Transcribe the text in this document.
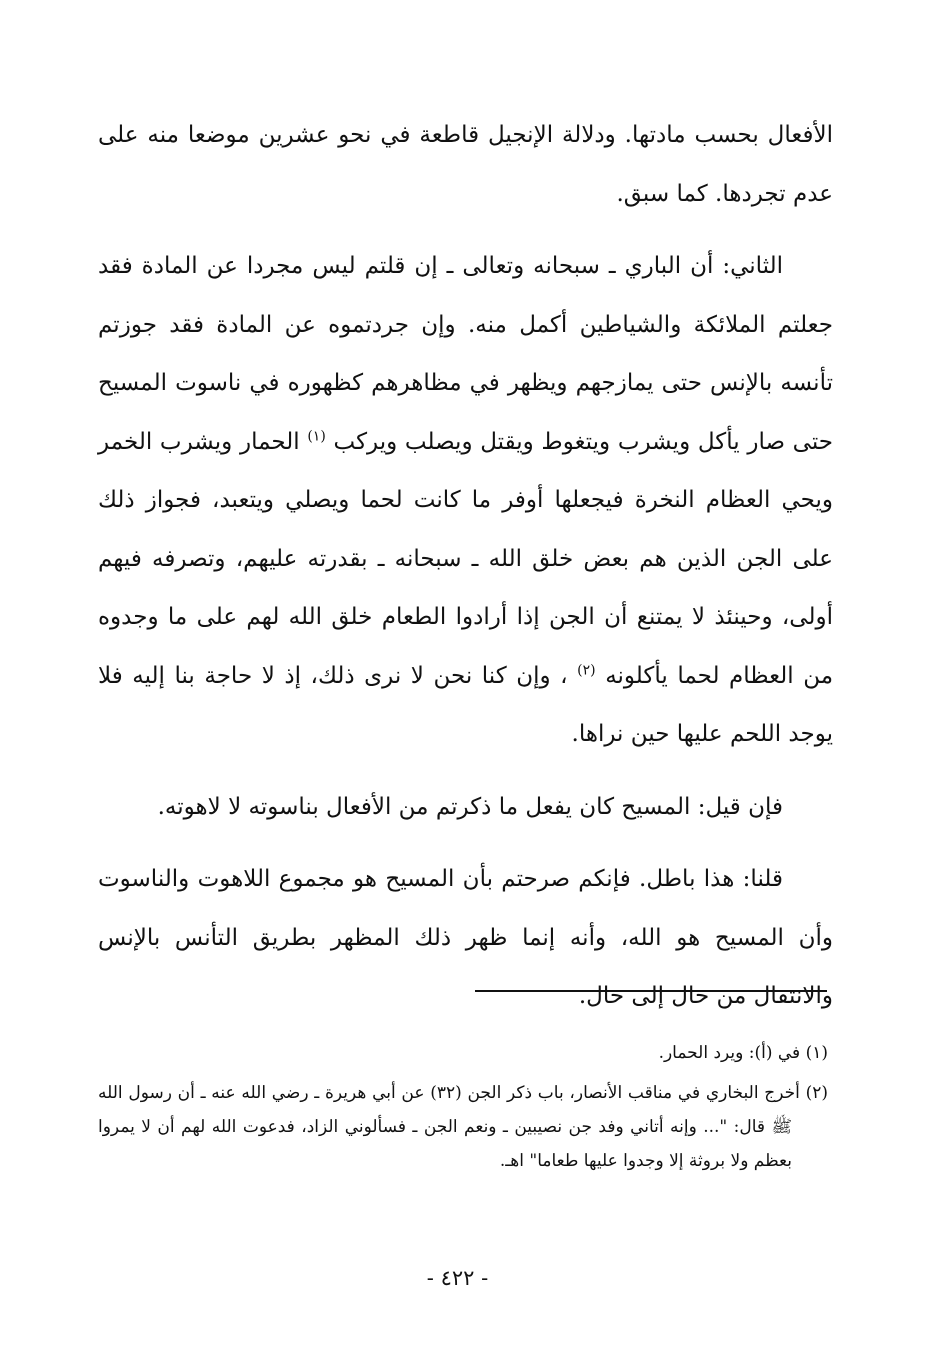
الأفعال بحسب مادتها. ودلالة الإنجيل قاطعة في نحو عشرين موضعا منه على عدم تجردها. كما سبق.

الثاني: أن الباري ـ سبحانه وتعالى ـ إن قلتم ليس مجردا عن المادة فقد جعلتم الملائكة والشياطين أكمل منه. وإن جردتموه عن المادة فقد جوزتم تأنسه بالإنس حتى يمازجهم ويظهر في مظاهرهم كظهوره في ناسوت المسيح حتى صار يأكل ويشرب ويتغوط ويقتل ويصلب ويركب $^{(١)}$ الحمار ويشرب الخمر ويحي العظام النخرة فيجعلها أوفر ما كانت لحما ويصلي ويتعبد، فجواز ذلك على الجن الذين هم بعض خلق الله ـ سبحانه ـ بقدرته عليهم، وتصرفه فيهم أولى، وحينئذ لا يمتنع أن الجن إذا أرادوا الطعام خلق الله لهم على ما وجدوه من العظام لحما يأكلونه $^{(٢)}$ ، وإن كنا نحن لا نرى ذلك، إذ لا حاجة بنا إليه فلا يوجد اللحم عليها حين نراها.

فإن قيل: المسيح كان يفعل ما ذكرتم من الأفعال بناسوته لا لاهوته.

قلنا: هذا باطل. فإنكم صرحتم بأن المسيح هو مجموع اللاهوت والناسوت وأن المسيح هو الله، وأنه إنما ظهر ذلك المظهر بطريق التأنس بالإنس والانتقال من حال إلى حال.

(١) في (أ): ويرد الحمار.

(٢) أخرج البخاري في مناقب الأنصار، باب ذكر الجن (٣٢) عن أبي هريرة ـ رضي الله عنه ـ أن رسول الله ﷺ قال: "... وإنه أتاني وفد جن نصيبين ـ ونعم الجن ـ فسألوني الزاد، فدعوت الله لهم أن لا يمروا بعظم ولا بروثة إلا وجدوا عليها طعاما" اهـ.

- ٤٢٢ -
